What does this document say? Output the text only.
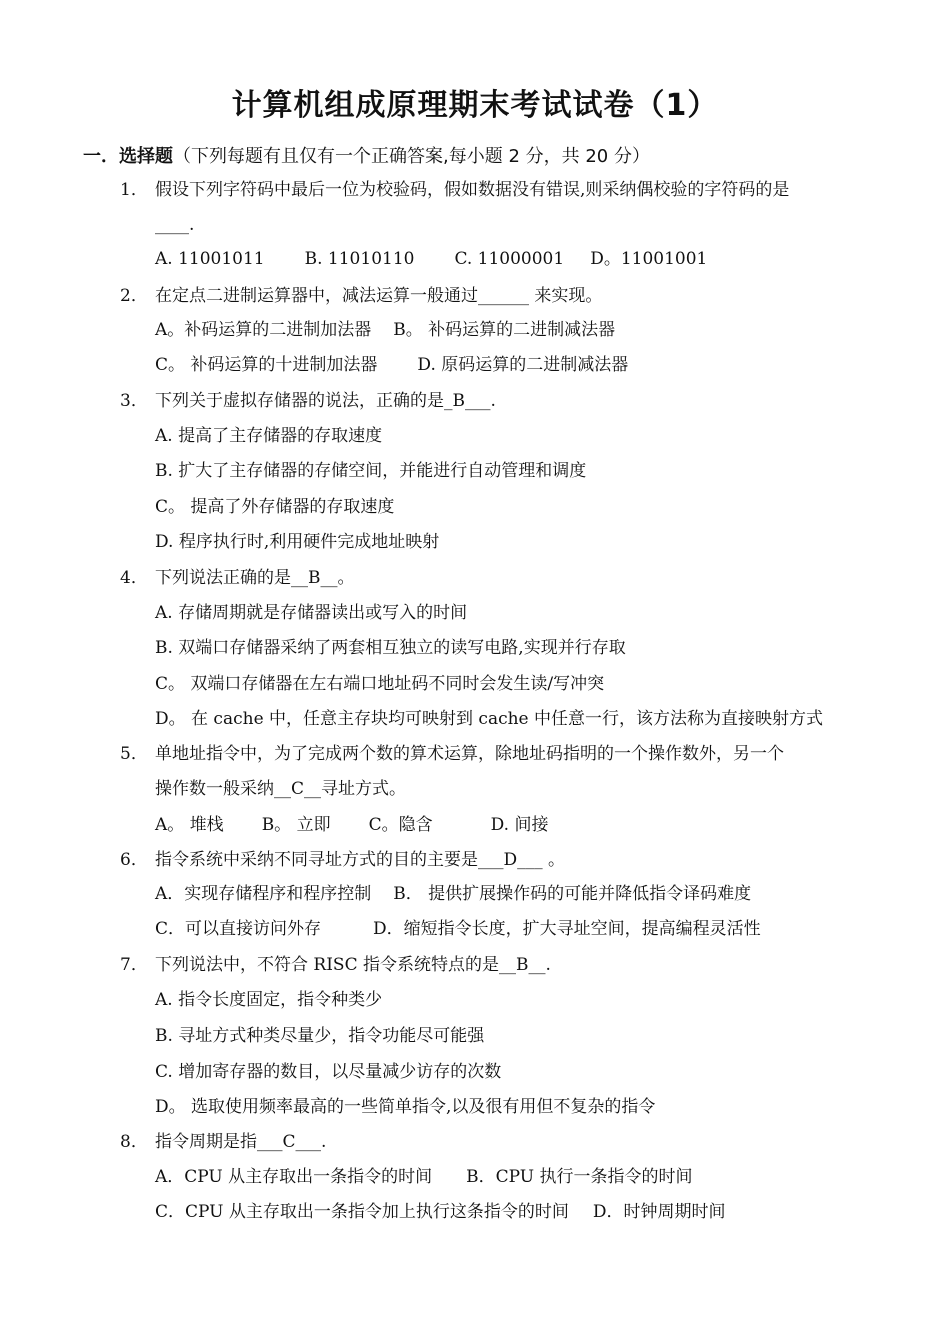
计算机组成原理期末考试试卷（1）
一．选择题（下列每题有且仅有一个正确答案,每小题 2 分，共 20 分）
1． 假设下列字符码中最后一位为校验码，假如数据没有错误,则采纳偶校验的字符码的是
____.
A. 11001011 B. 11010110 C. 11000001 D。11001001
2． 在定点二进制运算器中，减法运算一般通过______ 来实现。
A。补码运算的二进制加法器 B。 补码运算的二进制减法器
C。 补码运算的十进制加法器 D. 原码运算的二进制减法器
3． 下列关于虚拟存储器的说法，正确的是_B___.
A. 提高了主存储器的存取速度
B. 扩大了主存储器的存储空间，并能进行自动管理和调度
C。 提高了外存储器的存取速度
D. 程序执行时,利用硬件完成地址映射
4． 下列说法正确的是__B__。
A. 存储周期就是存储器读出或写入的时间
B. 双端口存储器采纳了两套相互独立的读写电路,实现并行存取
C。 双端口存储器在左右端口地址码不同时会发生读/写冲突
D。 在 cache 中，任意主存块均可映射到 cache 中任意一行，该方法称为直接映射方式
5． 单地址指令中，为了完成两个数的算术运算，除地址码指明的一个操作数外，另一个
操作数一般采纳__C__寻址方式。
A。 堆栈 B。 立即 C。隐含	D. 间接
6． 指令系统中采纳不同寻址方式的目的主要是___D___ 。
A．实现存储程序和程序控制 B． 提供扩展操作码的可能并降低指令译码难度
C．可以直接访问外存	D．缩短指令长度，扩大寻址空间，提高编程灵活性
7． 下列说法中，不符合 RISC 指令系统特点的是__B__.
A. 指令长度固定，指令种类少
B. 寻址方式种类尽量少，指令功能尽可能强
C. 增加寄存器的数目，以尽量减少访存的次数
D。 选取使用频率最高的一些简单指令,以及很有用但不复杂的指令
8． 指令周期是指___C___.
A．CPU 从主存取出一条指令的时间 B．CPU 执行一条指令的时间
C．CPU 从主存取出一条指令加上执行这条指令的时间 D．时钟周期时间
